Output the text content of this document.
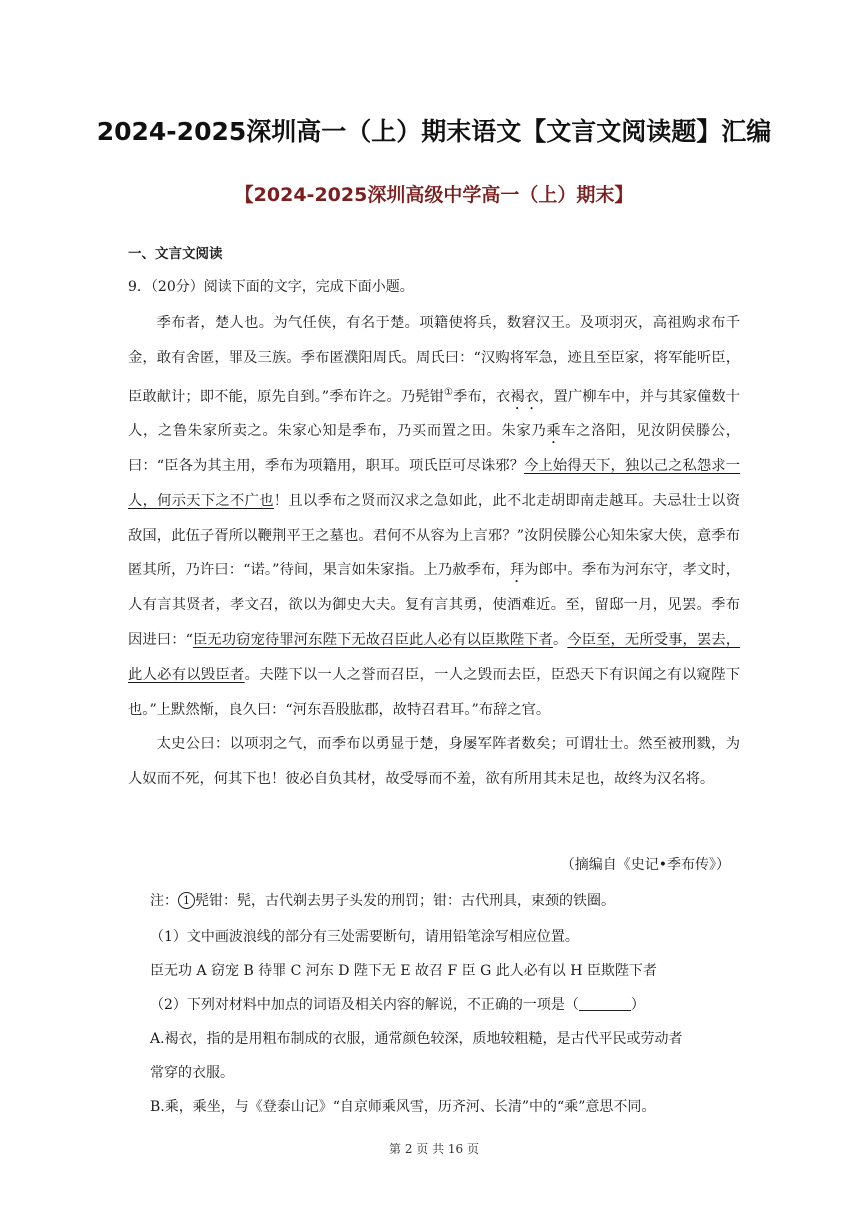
2024-2025深圳高一（上）期末语文【文言文阅读题】汇编
【2024-2025深圳高级中学高一（上）期末】
一、文言文阅读
9．（20分）阅读下面的文字，完成下面小题。

季布者，楚人也。为气任侠，有名于楚。项籍使将兵，数窘汉王。及项羽灭，高祖购求布千金，敢有舍匿，罪及三族。季布匿濮阳周氏。周氏曰：“汉购将军急，迹且至臣家，将军能听臣，臣敢献计；即不能，原先自到。”季布许之。乃髡钳①季布，衣褐衣，置广柳车中，并与其家僮数十人，之鲁朱家所卖之。朱家心知是季布，乃买而置之田。朱家乃乘车之洛阳，见汝阴侯滕公，曰：“臣各为其主用，季布为项籍用，职耳。项氏臣可尽诛邪？今上始得天下，独以己之私怨求一人，何示天下之不广也！且以季布之贤而汉求之急如此，此不北走胡即南走越耳。夫忌壮士以资敌国，此伍子胥所以鞭荆平王之墓也。君何不从容为上言邪？”汝阴侯滕公心知朱家大侠，意季布匿其所，乃许曰：“诺。”待间，果言如朱家指。上乃赦季布，拜为郎中。季布为河东守，孝文时，人有言其贤者，孝文召，欲以为御史大夫。复有言其勇，使酒难近。至，留邸一月，见罢。季布因进曰：“臣无功窃宠待罪河东陛下无故召臣此人必有以臣欺陛下者。今臣至，无所受事，罢去，此人必有以毁臣者。夫陛下以一人之誉而召臣，一人之毁而去臣，臣恐天下有识闻之有以窥陛下也。”上默然惭，良久曰：“河东吾股肱郡，故特召君耳。”布辞之官。

太史公曰：以项羽之气，而季布以勇显于楚，身屡军阵者数矣；可谓壮士。然至被刑戮，为人奴而不死，何其下也！彼必自负其材，故受辱而不羞，欲有所用其未足也，故终为汉名将。

（摘编自《史记•季布传》）
注： 1 髡钳：髡，古代剃去男子头发的刑罚；钳：古代刑具，束颈的铁圈。
（1）文中画波浪线的部分有三处需要断句，请用铅笔涂写相应位置。
臣无功 A 窃宠 B 待罪 C 河东 D 陛下无 E 故召 F 臣 G 此人必有以 H 臣欺陛下者
（2）下列对材料中加点的词语及相关内容的解说，不正确的一项是（	）
A.褐衣，指的是用粗布制成的衣服，通常颜色较深，质地较粗糙，是古代平民或劳动者
常穿的衣服。
B.乘，乘坐，与《登泰山记》“自京师乘风雪，历齐河、长清”中的“乘”意思不同。
第 2 页 共 16 页
